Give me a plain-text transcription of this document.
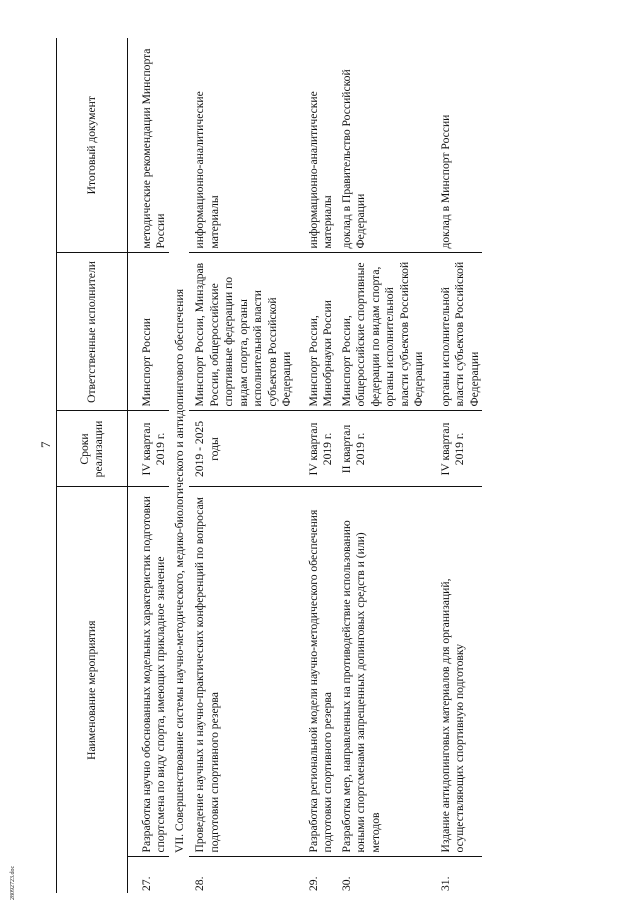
7
28092723.doc
Наименование мероприятия		Сроки реализации	Ответственные исполнители	Итоговый документ
27.	Разработка научно обоснованных модельных характеристик подготовки спортсмена по виду спорта, имеющих прикладное значение	IV квартал 2019 г.	Минспорт России	методические рекомендации Минспорта России
VII. Совершенствование системы научно-методического, медико-биологического и антидопингового обеспечения				
28.	Проведение научных и научно-практических конференций по вопросам подготовки спортивного резерва	2019 - 2025 годы	Минспорт России, Минздрав России, общероссийские спортивные федерации по видам спорта, органы исполнительной власти субъектов Российской Федерации	информационно-аналитические материалы
29.	Разработка региональной модели научно-методического обеспечения подготовки спортивного резерва	IV квартал 2019 г.	Минспорт России, Минобрнауки России	информационно-аналитические материалы
30.	Разработка мер, направленных на противодействие использованию юными спортсменами запрещенных допинговых средств и (или) методов	II квартал 2019 г.	Минспорт России, общероссийские спортивные федерации по видам спорта, органы исполнительной власти субъектов Российской Федерации	доклад в Правительство Российской Федерации
31.	Издание антидопинговых материалов для организаций, осуществляющих спортивную подготовку	IV квартал 2019 г.	органы исполнительной власти субъектов Российской Федерации	доклад в Минспорт России
